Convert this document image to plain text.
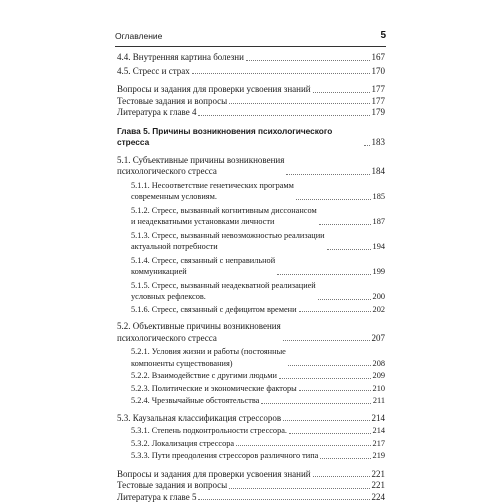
Оглавление	5
4.4. Внутренняя картина болезни	167
4.5. Стресс и страх	170
Вопросы и задания для проверки усвоения знаний	177
Тестовые задания и вопросы	177
Литература к главе 4	179
Глава 5. Причины возникновения психологического стресса	183
5.1. Субъективные причины возникновения
психологического стресса	184
5.1.1. Несоответствие генетических программ
современным условиям.	185
5.1.2. Стресс, вызванный когнитивным диссонансом
и неадекватными установками личности	187
5.1.3. Стресс, вызванный невозможностью реализации
актуальной потребности	194
5.1.4. Стресс, связанный с неправильной
коммуникацией	199
5.1.5. Стресс, вызванный неадекватной реализацией
условных рефлексов.	200
5.1.6. Стресс, связанный с дефицитом времени	202
5.2. Объективные причины возникновения
психологического стресса	207
5.2.1. Условия жизни и работы (постоянные
компоненты существования)	208
5.2.2. Взаимодействие с другими людьми	209
5.2.3. Политические и экономические факторы	210
5.2.4. Чрезвычайные обстоятельства	211
5.3. Каузальная классификация стрессоров	214
5.3.1. Степень подконтрольности стрессора.	214
5.3.2. Локализация стрессора	217
5.3.3. Пути преодоления стрессоров различного типа	219
Вопросы и задания для проверки усвоения знаний	221
Тестовые задания и вопросы	221
Литература к главе 5	224
